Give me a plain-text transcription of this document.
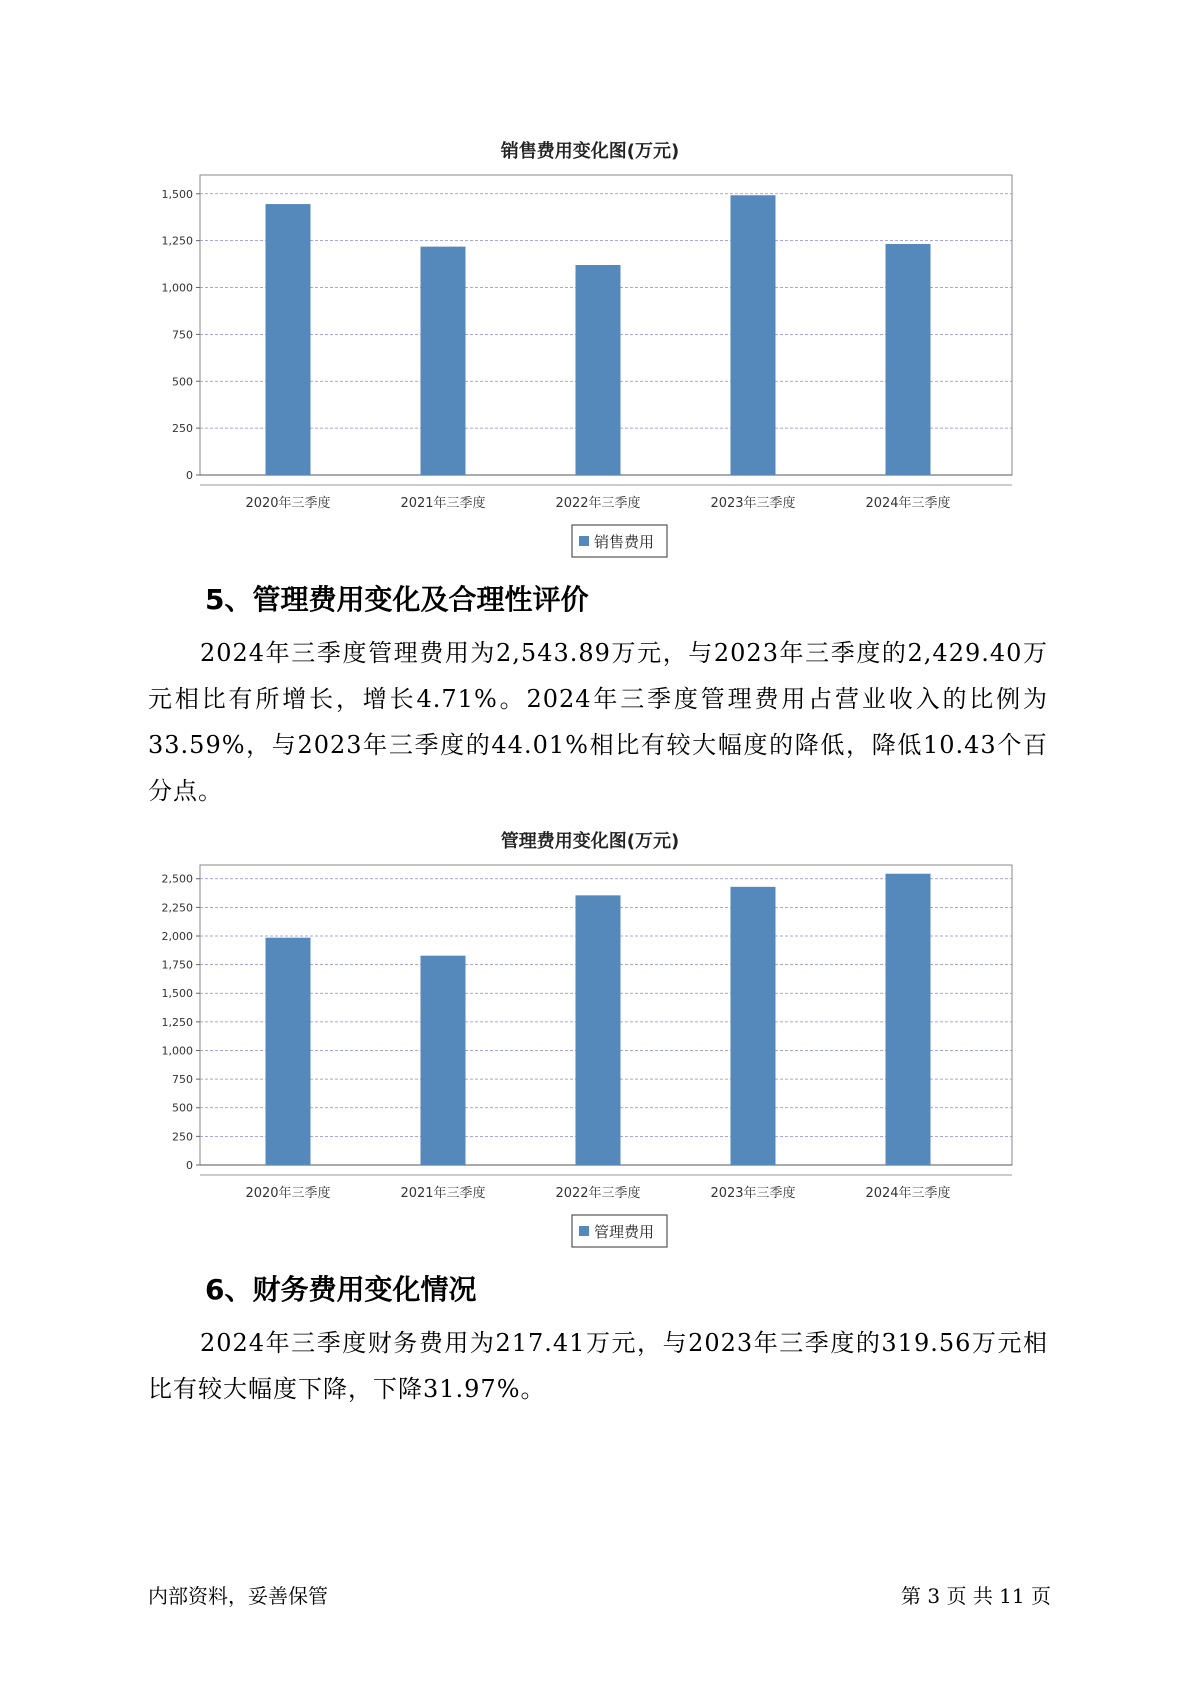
销售费用变化图(万元)
0
250
500
750
1,000
1,250
1,500
2020年三季度	2021年三季度	2022年三季度	2023年三季度	2024年三季度
销售费用
5、管理费用变化及合理性评价

2024年三季度管理费用为2,543.89万元，与2023年三季度的2,429.40万元相比有所增长，增长4.71%。2024年三季度管理费用占营业收入的比例为33.59%，与2023年三季度的44.01%相比有较大幅度的降低，降低10.43个百分点。

管理费用变化图(万元)
0
250
500
750
1,000
1,250
1,500
1,750
2,000
2,250
2,500
2020年三季度	2021年三季度	2022年三季度	2023年三季度	2024年三季度
管理费用
6、财务费用变化情况

2024年三季度财务费用为217.41万元，与2023年三季度的319.56万元相比有较大幅度下降，下降31.97%。

内部资料，妥善保管	第 3 页 共 11 页
